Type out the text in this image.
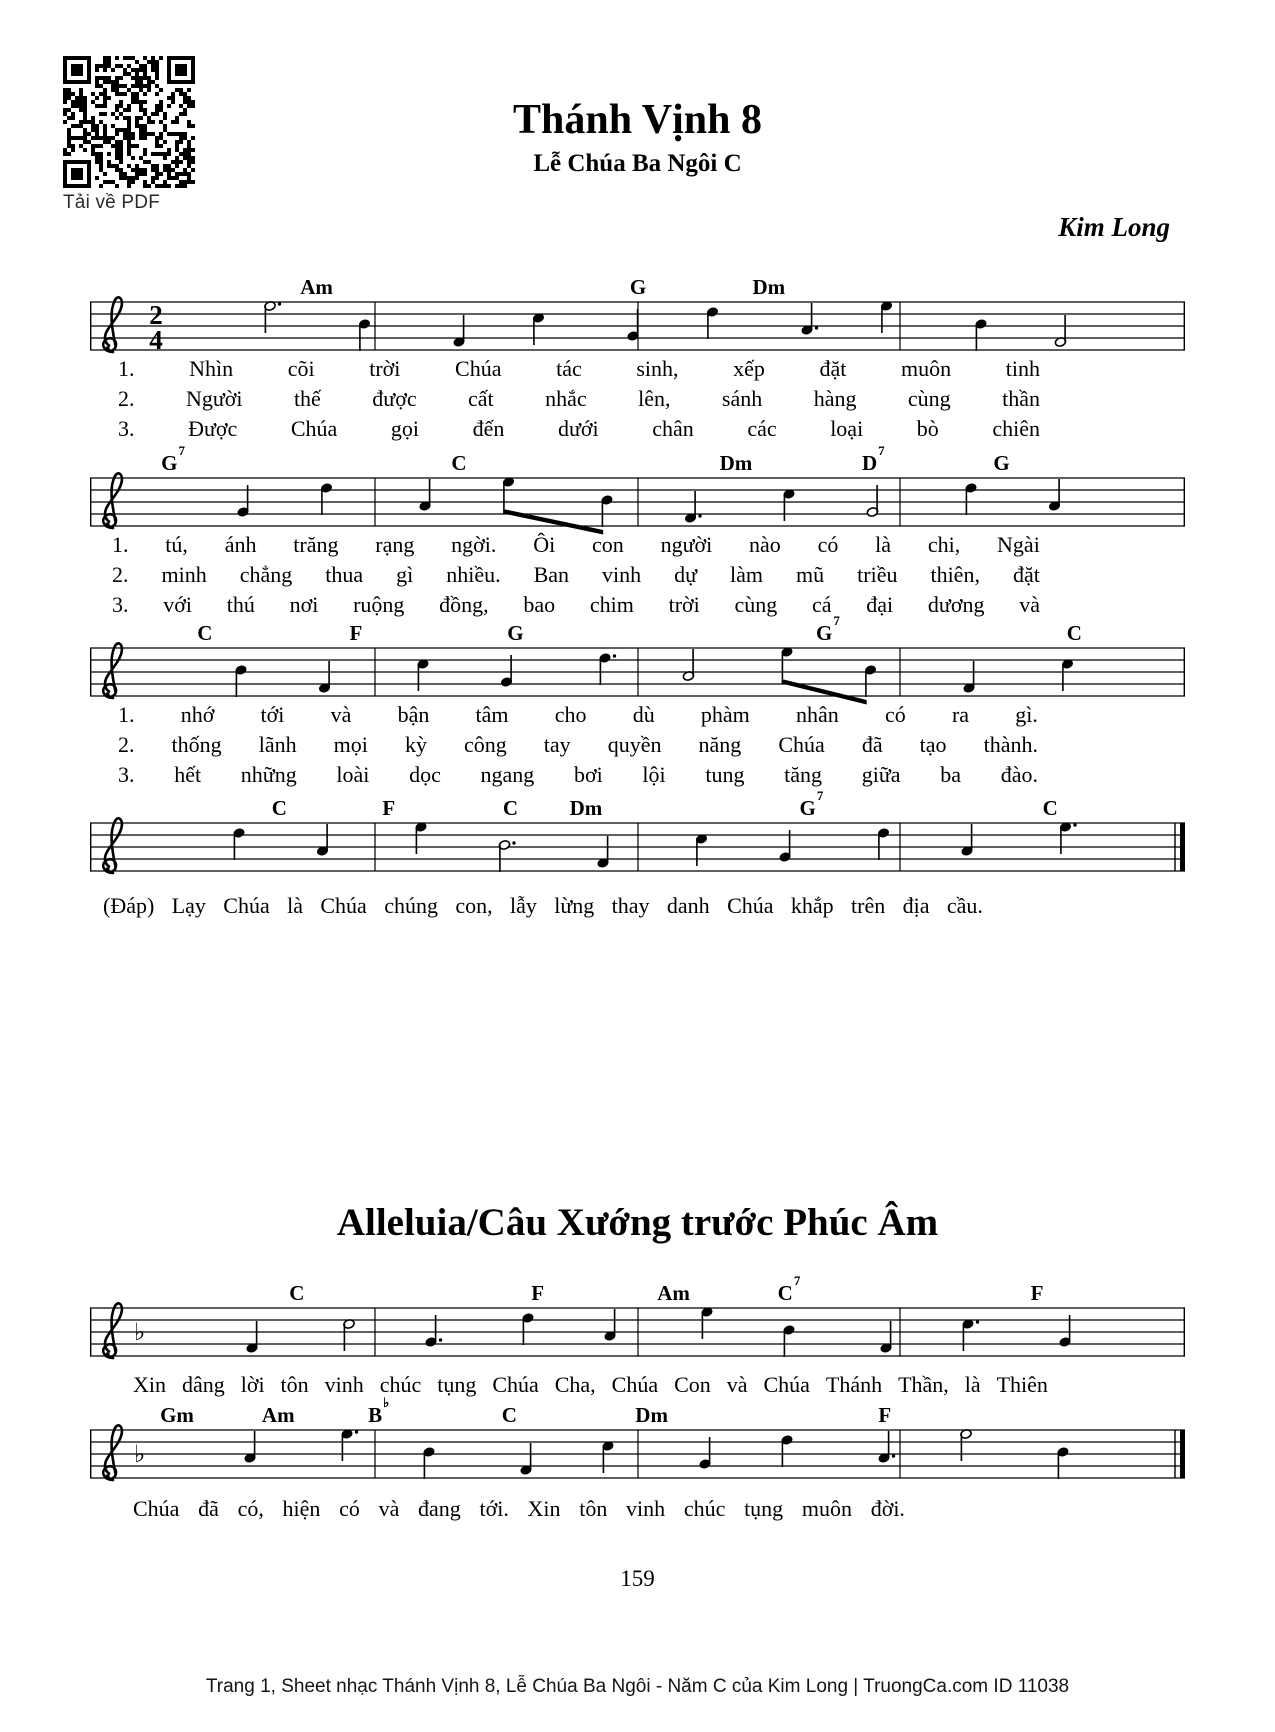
Tải về PDF
Thánh Vịnh 8
Lễ Chúa Ba Ngôi C
Kim Long
Am	G	Dm
2
4
1. Nhìn cõi trời Chúa tác sinh, xếp đặt muôn tinh
2. Người thế được cất nhắc lên, sánh hàng cùng thần
3. Được Chúa gọi đến dưới chân các loại bò chiên
$G^7$
C	Dm	$D^7$
G
1. tú, ánh trăng rạng ngời. Ôi con người nào có là chi, Ngài
2. minh chẳng thua gì nhiều. Ban vinh dự làm mũ triều thiên, đặt
3. với thú nơi ruộng đồng, bao chim trời cùng cá đại dương và
C	F	G	$G^7$
C
1. nhớ tới và bận tâm cho dù phàm nhân có ra gì.
2. thống lãnh mọi kỳ công tay quyền năng Chúa đã tạo thành.
3. hết những loài dọc ngang bơi lội tung tăng giữa ba đào.
C	F	C Dm	$G^7$
C
(Đáp) Lạy Chúa là Chúa chúng con, lẫy lừng thay danh Chúa khắp trên địa cầu.
C	F	Am	$C^7$
F
♭
Xin dâng lời tôn vinh chúc tụng Chúa Cha, Chúa Con và Chúa Thánh Thần, là Thiên
Gm	Am	B♭
C	Dm	F
♭
Chúa đã có, hiện có và đang tới. Xin tôn vinh chúc tụng muôn đời.
Alleluia/Câu Xướng trước Phúc Âm
159
Trang 1, Sheet nhạc Thánh Vịnh 8, Lễ Chúa Ba Ngôi - Năm C của Kim Long | TruongCa.com ID 11038
